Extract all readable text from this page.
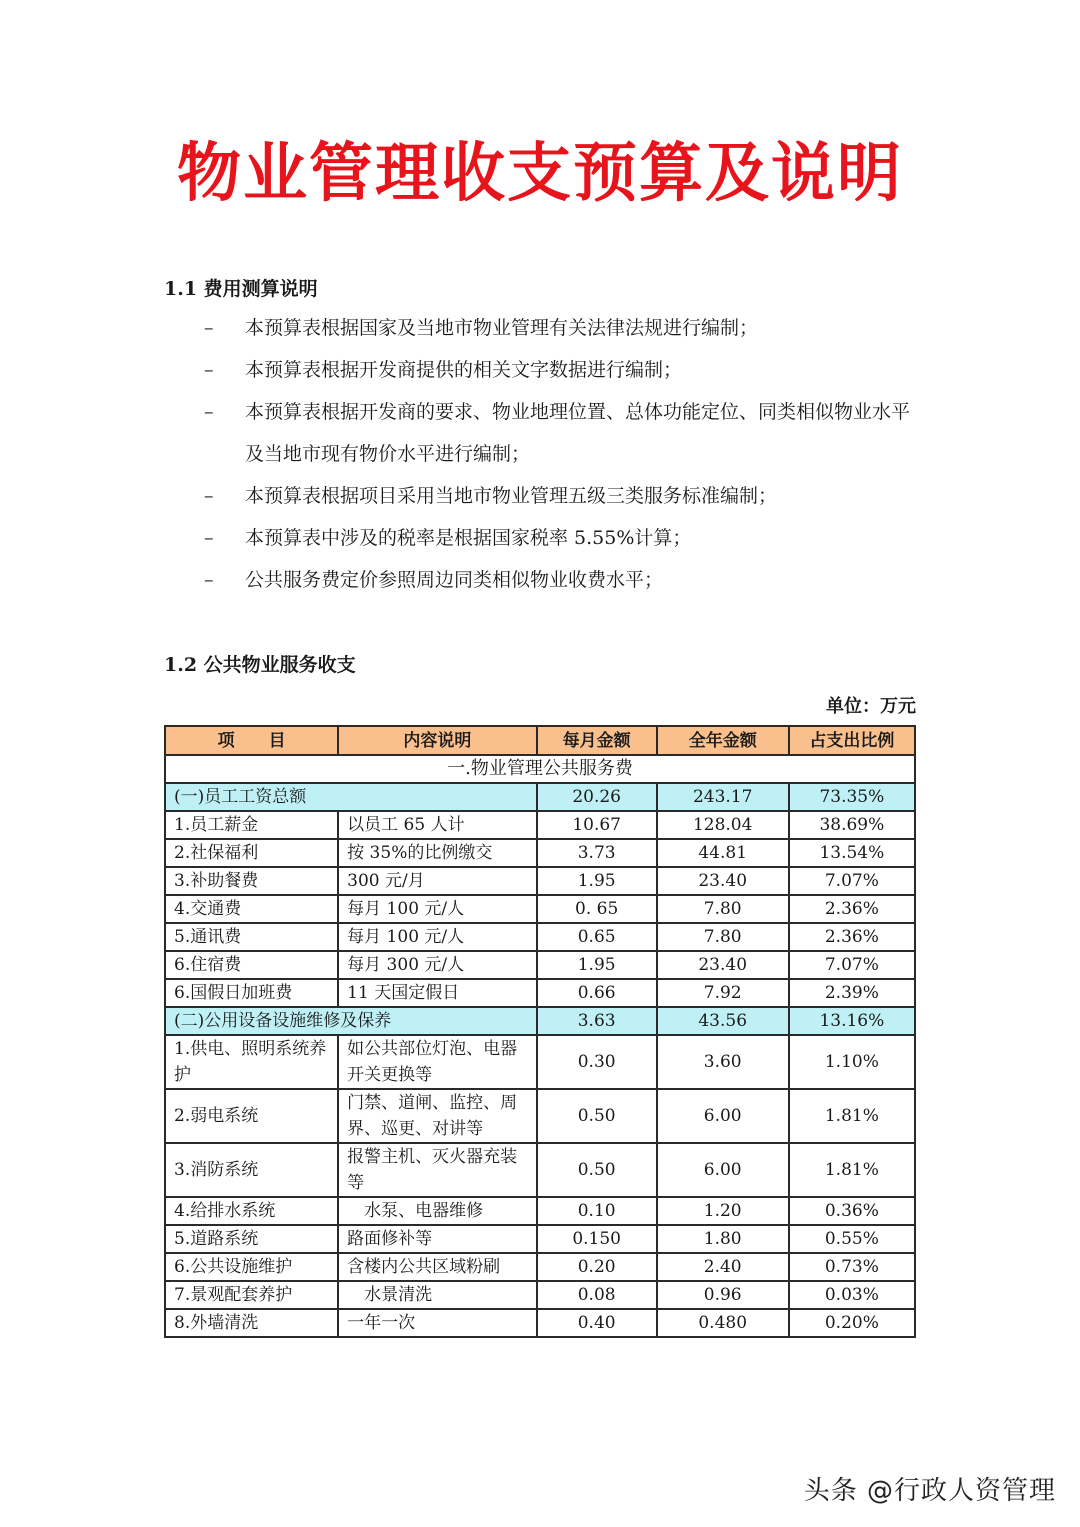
物业管理收支预算及说明
1.1 费用测算说明
– 本预算表根据国家及当地市物业管理有关法律法规进行编制；
– 本预算表根据开发商提供的相关文字数据进行编制；
– 本预算表根据开发商的要求、物业地理位置、总体功能定位、同类相似物业水平及当地市现有物价水平进行编制；
– 本预算表根据项目采用当地市物业管理五级三类服务标准编制；
– 本预算表中涉及的税率是根据国家税率 5.55%计算；
– 公共服务费定价参照周边同类相似物业收费水平；
1.2 公共物业服务收支
单位：万元
项　　目	内容说明	每月金额	全年金额	占支出比例
一.物业管理公共服务费				
(一)员工工资总额		20.26	243.17	73.35%
1.员工薪金	以员工 65 人计	10.67	128.04	38.69%
2.社保福利	按 35%的比例缴交	3.73	44.81	13.54%
3.补助餐费	300 元/月	1.95	23.40	7.07%
4.交通费	每月 100 元/人	0. 65	7.80	2.36%
5.通讯费	每月 100 元/人	0.65	7.80	2.36%
6.住宿费	每月 300 元/人	1.95	23.40	7.07%
6.国假日加班费	11 天国定假日	0.66	7.92	2.39%
(二)公用设备设施维修及保养		3.63	43.56	13.16%
1.供电、照明系统养护	如公共部位灯泡、电器开关更换等	0.30	3.60	1.10%
2.弱电系统	门禁、道闸、监控、周界、巡更、对讲等	0.50	6.00	1.81%
3.消防系统	报警主机、灭火器充装等	0.50	6.00	1.81%
4.给排水系统	　水泵、电器维修	0.10	1.20	0.36%
5.道路系统	路面修补等	0.150	1.80	0.55%
6.公共设施维护	含楼内公共区域粉刷	0.20	2.40	0.73%
7.景观配套养护	　水景清洗	0.08	0.96	0.03%
8.外墙清洗	一年一次	0.40	0.480	0.20%
头条 @行政人资管理
